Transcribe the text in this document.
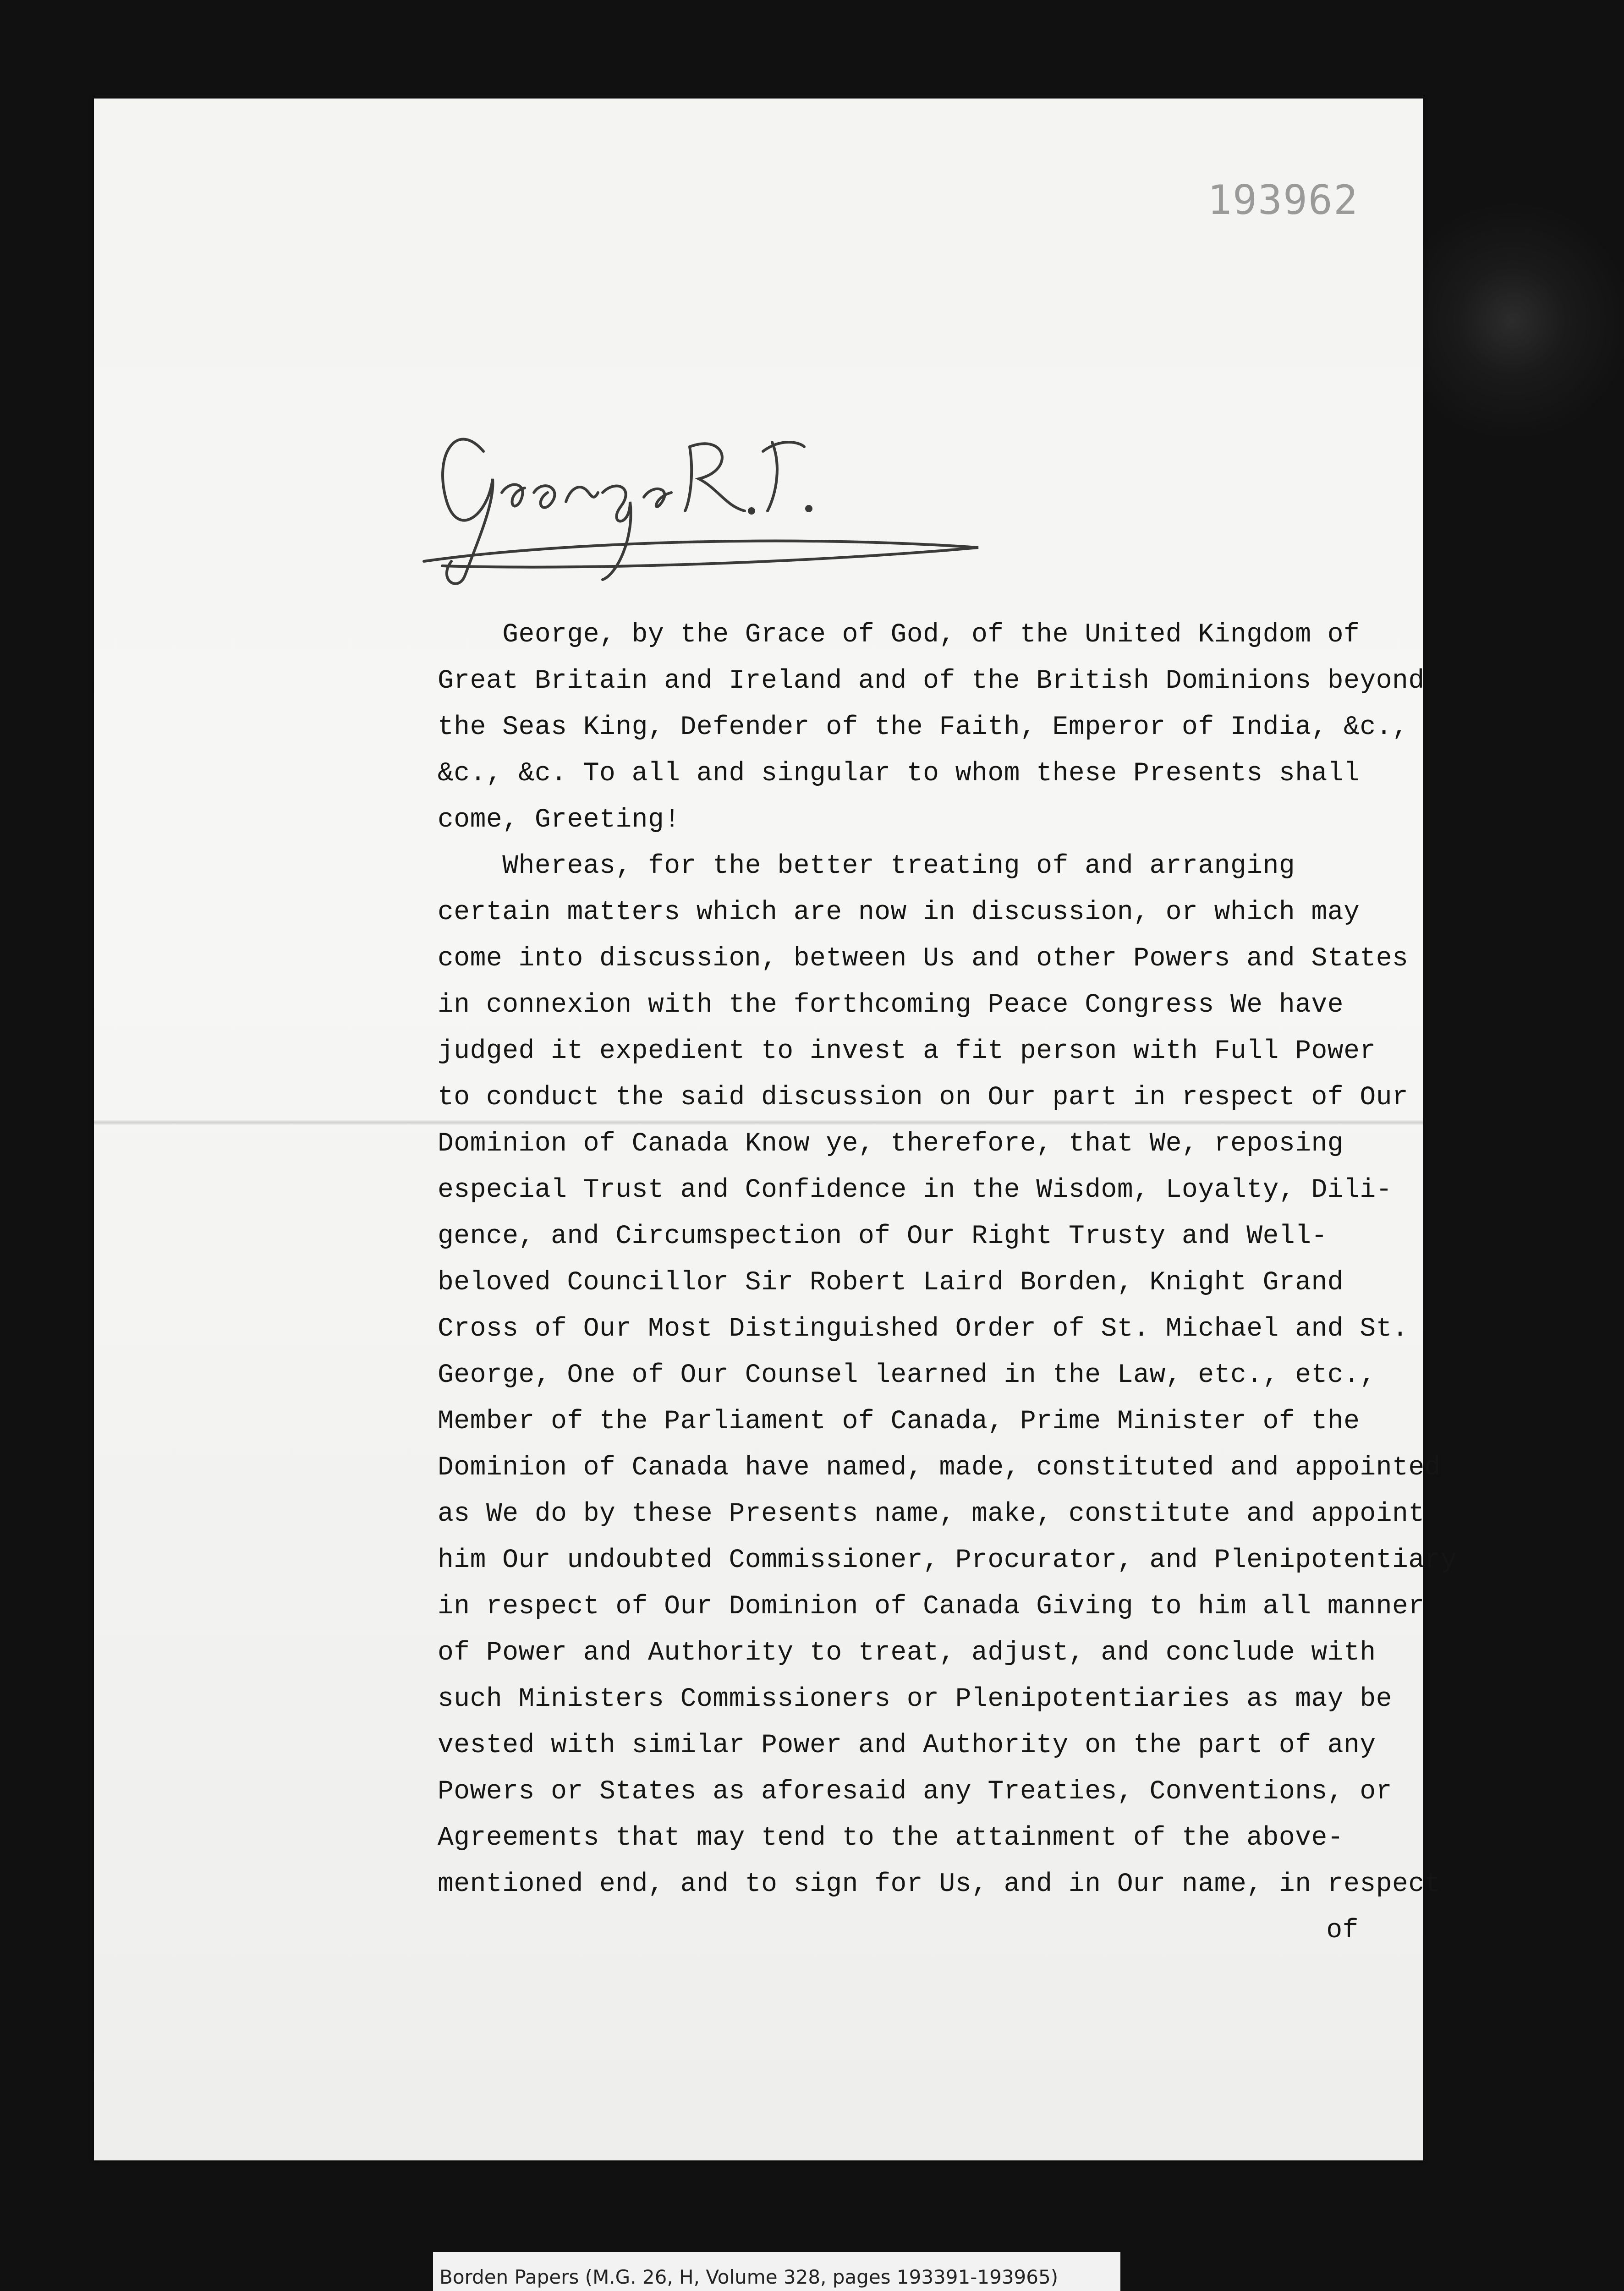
193962
George, by the Grace of God, of the United Kingdom of
Great Britain and Ireland and of the British Dominions beyond
the Seas King, Defender of the Faith, Emperor of India, &c.,
&c., &c. To all and singular to whom these Presents shall
come, Greeting!
Whereas, for the better treating of and arranging
certain matters which are now in discussion, or which may
come into discussion, between Us and other Powers and States
in connexion with the forthcoming Peace Congress We have
judged it expedient to invest a fit person with Full Power
to conduct the said discussion on Our part in respect of Our
Dominion of Canada Know ye, therefore, that We, reposing
especial Trust and Confidence in the Wisdom, Loyalty, Dili-
gence, and Circumspection of Our Right Trusty and Well-
beloved Councillor Sir Robert Laird Borden, Knight Grand
Cross of Our Most Distinguished Order of St. Michael and St.
George, One of Our Counsel learned in the Law, etc., etc.,
Member of the Parliament of Canada, Prime Minister of the
Dominion of Canada have named, made, constituted and appointed
as We do by these Presents name, make, constitute and appoint
him Our undoubted Commissioner, Procurator, and Plenipotentiary
in respect of Our Dominion of Canada Giving to him all manner
of Power and Authority to treat, adjust, and conclude with
such Ministers Commissioners or Plenipotentiaries as may be
vested with similar Power and Authority on the part of any
Powers or States as aforesaid any Treaties, Conventions, or
Agreements that may tend to the attainment of the above-
mentioned end, and to sign for Us, and in Our name, in respect
of
Borden Papers (M.G. 26, H, Volume 328, pages 193391-193965)
